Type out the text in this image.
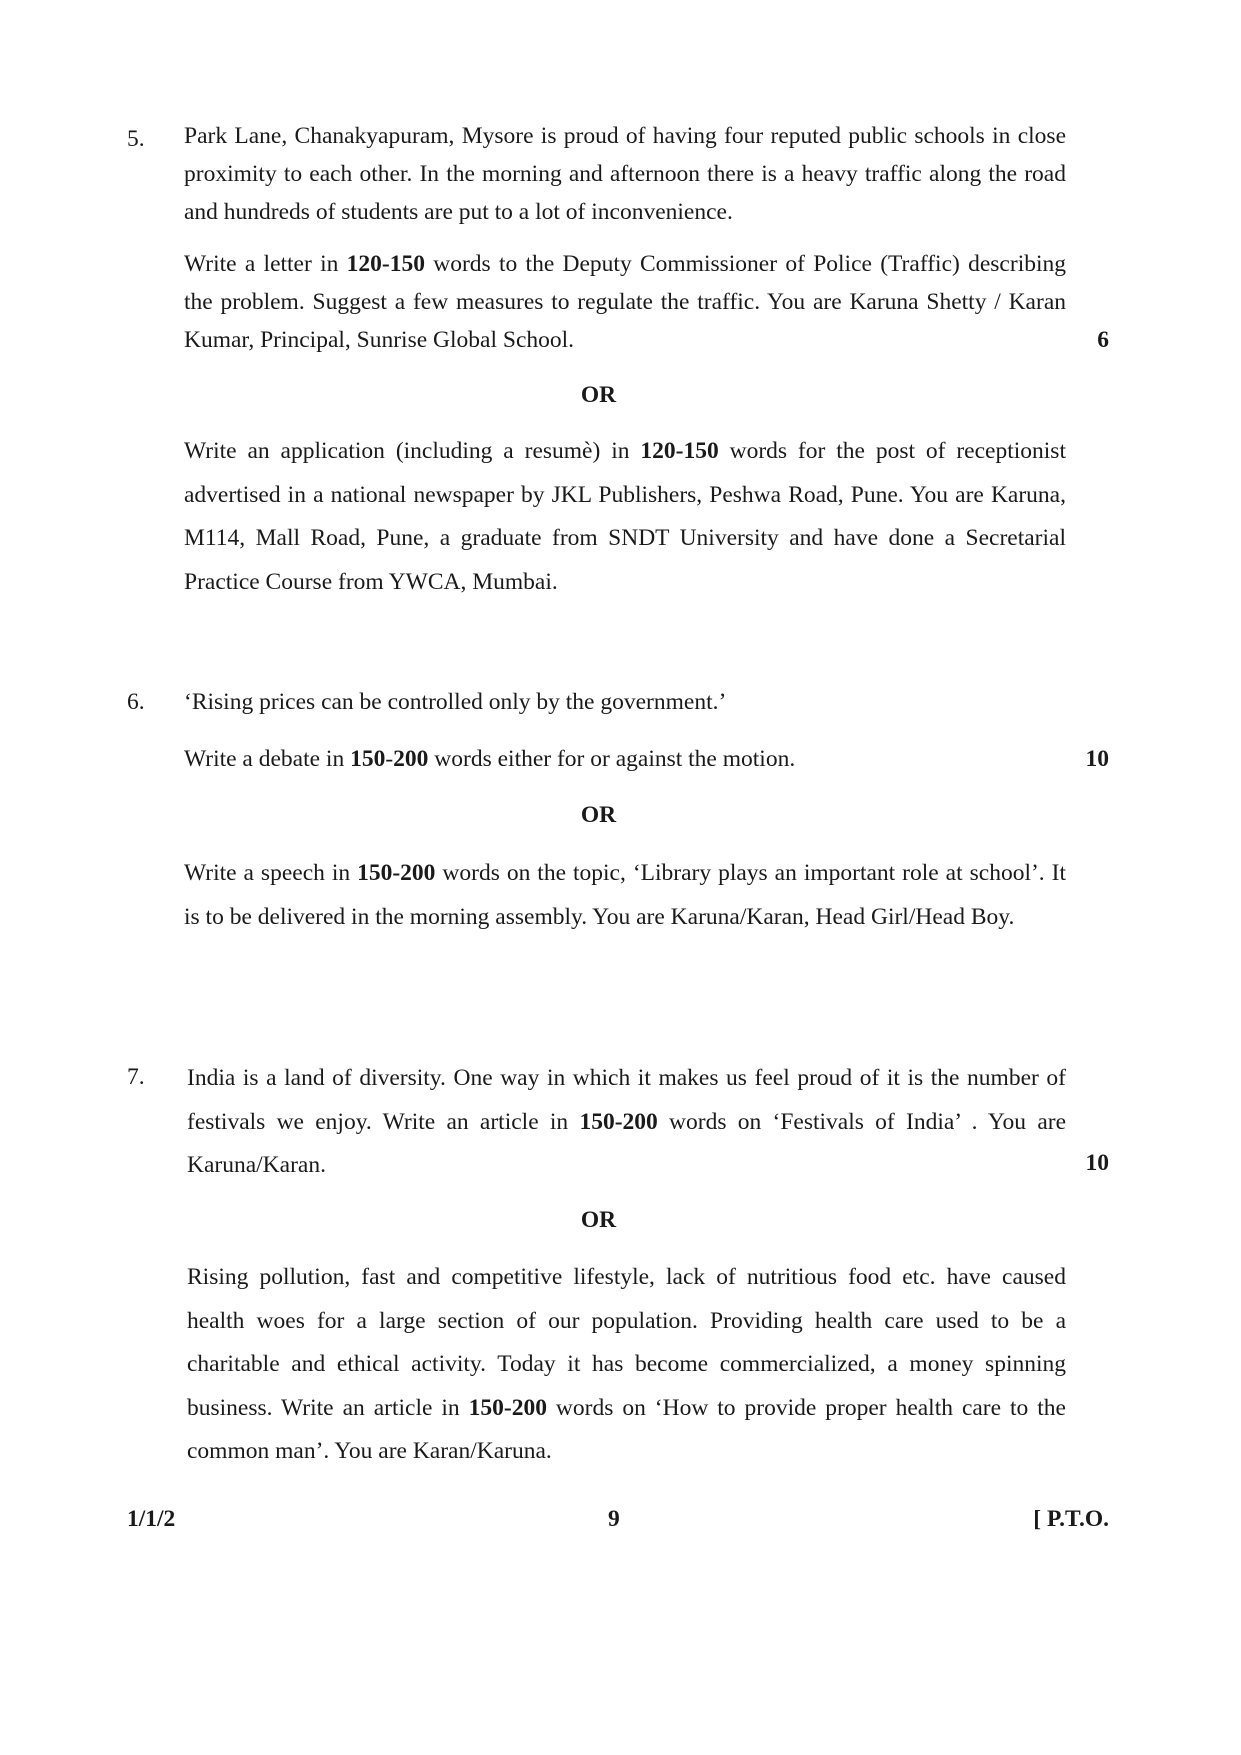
5. Park Lane, Chanakyapuram, Mysore is proud of having four reputed public schools in close proximity to each other. In the morning and afternoon there is a heavy traffic along the road and hundreds of students are put to a lot of inconvenience.
Write a letter in 120-150 words to the Deputy Commissioner of Police (Traffic) describing the problem. Suggest a few measures to regulate the traffic. You are Karuna Shetty / Karan Kumar, Principal, Sunrise Global School.	6
OR
Write an application (including a resumè) in 120-150 words for the post of receptionist advertised in a national newspaper by JKL Publishers, Peshwa Road, Pune. You are Karuna, M114, Mall Road, Pune, a graduate from SNDT University and have done a Secretarial Practice Course from YWCA, Mumbai.
6. ‘Rising prices can be controlled only by the government.’
Write a debate in 150-200 words either for or against the motion.	10
OR
Write a speech in 150-200 words on the topic, ‘Library plays an important role at school’. It is to be delivered in the morning assembly. You are Karuna/Karan, Head Girl/Head Boy.
7. India is a land of diversity. One way in which it makes us feel proud of it is the number of festivals we enjoy. Write an article in 150-200 words on ‘Festivals of India’ . You are Karuna/Karan.	10
OR
Rising pollution, fast and competitive lifestyle, lack of nutritious food etc. have caused health woes for a large section of our population. Providing health care used to be a charitable and ethical activity. Today it has become commercialized, a money spinning business. Write an article in 150-200 words on ‘How to provide proper health care to the common man’. You are Karan/Karuna.
1/1/2	9	[ P.T.O.
